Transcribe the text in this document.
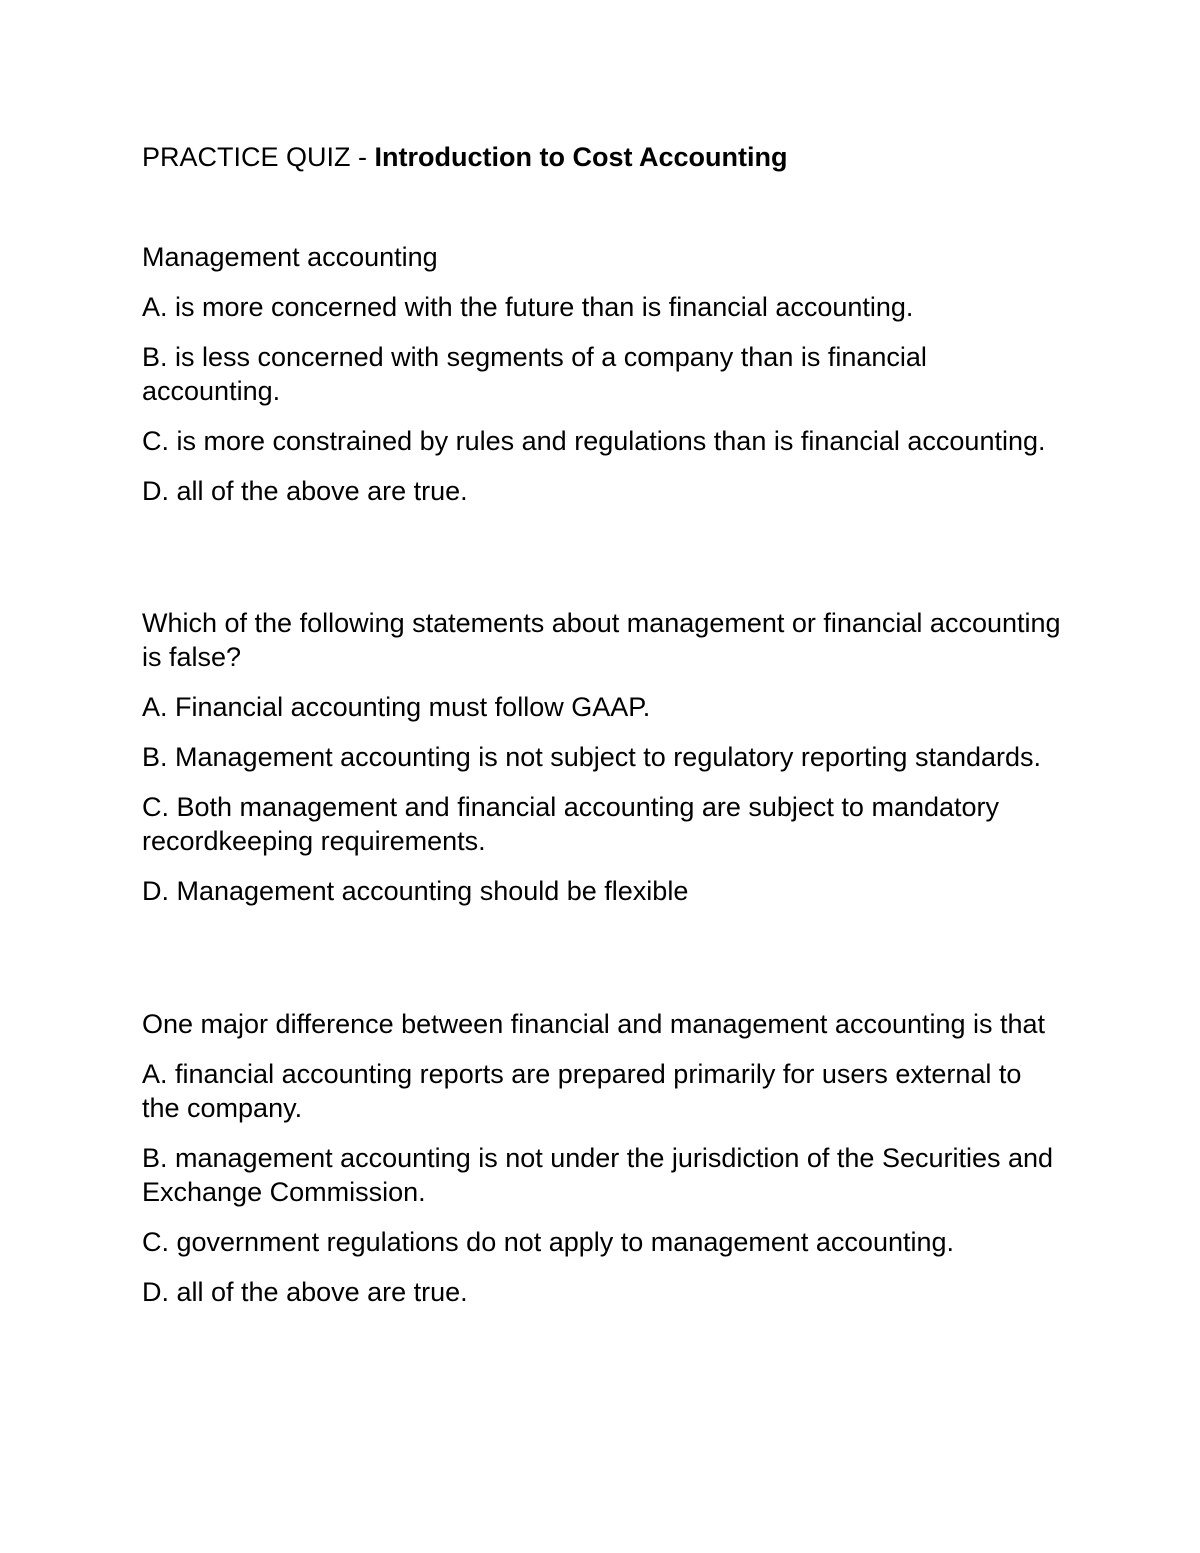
PRACTICE QUIZ - Introduction to Cost Accounting

Management accounting

A. is more concerned with the future than is financial accounting.

B. is less concerned with segments of a company than is financial accounting.

C. is more constrained by rules and regulations than is financial accounting.

D. all of the above are true.

Which of the following statements about management or financial accounting is false?

A. Financial accounting must follow GAAP.

B. Management accounting is not subject to regulatory reporting standards.

C. Both management and financial accounting are subject to mandatory recordkeeping requirements.

D. Management accounting should be flexible

One major difference between financial and management accounting is that

A. financial accounting reports are prepared primarily for users external to the company.

B. management accounting is not under the jurisdiction of the Securities and Exchange Commission.

C. government regulations do not apply to management accounting.

D. all of the above are true.
